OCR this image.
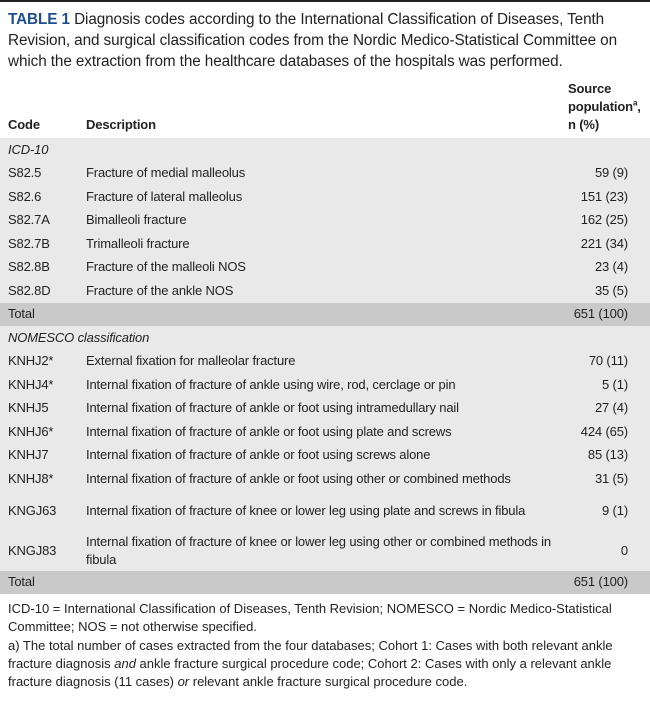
TABLE 1 Diagnosis codes according to the International Classification of Diseases, Tenth Revision, and surgical classification codes from the Nordic Medico-Statistical Committee on which the extraction from the healthcare databases of the hospitals was performed.
Code	Description	Source
population$^a$,
n (%)
ICD-10		
S82.5	Fracture of medial malleolus	59 (9)
S82.6	Fracture of lateral malleolus	151 (23)
S82.7A	Bimalleoli fracture	162 (25)
S82.7B	Trimalleoli fracture	221 (34)
S82.8B	Fracture of the malleoli NOS	23 (4)
S82.8D	Fracture of the ankle NOS	35 (5)
Total		651 (100)
NOMESCO classification		
KNHJ2*	External fixation for malleolar fracture	70 (11)
KNHJ4*	Internal fixation of fracture of ankle using wire, rod, cerclage or pin	5 (1)
KNHJ5	Internal fixation of fracture of ankle or foot using intramedullary nail	27 (4)
KNHJ6*	Internal fixation of fracture of ankle or foot using plate and screws	424 (65)
KNHJ7	Internal fixation of fracture of ankle or foot using screws alone	85 (13)
KNHJ8*	Internal fixation of fracture of ankle or foot using other or combined methods	31 (5)
KNGJ63	Internal fixation of fracture of knee or lower leg using plate and screws in fibula	9 (1)
KNGJ83	Internal fixation of fracture of knee or lower leg using other or combined methods in fibula	0
Total		651 (100)
ICD-10 = International Classification of Diseases, Tenth Revision; NOMESCO = Nordic Medico-Statistical Committee; NOS = not otherwise specified.
a) The total number of cases extracted from the four databases; Cohort 1: Cases with both relevant ankle fracture diagnosis and ankle fracture surgical procedure code; Cohort 2: Cases with only a relevant ankle fracture diagnosis (11 cases) or relevant ankle fracture surgical procedure code.
